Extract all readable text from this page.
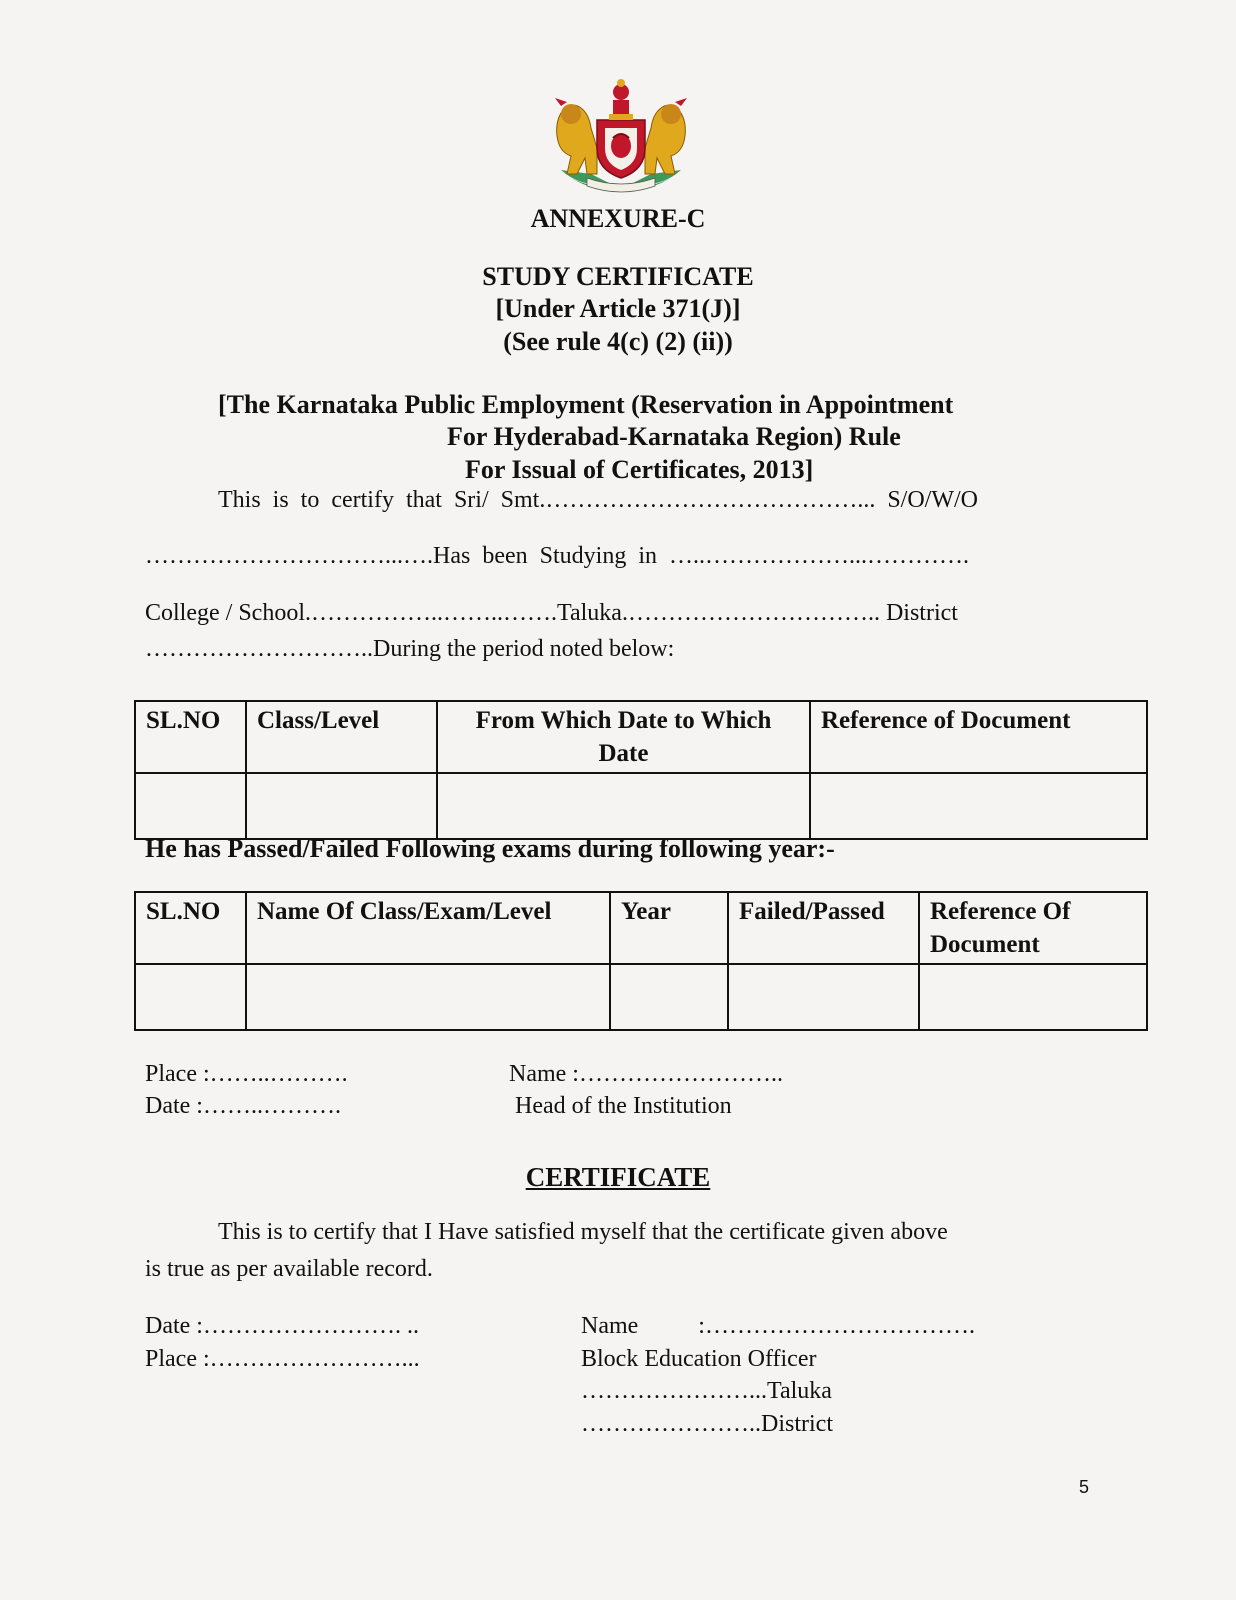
ANNEXURE-C
STUDY CERTIFICATE
[Under Article 371(J)]
(See rule 4(c) (2) (ii))
[The Karnataka Public Employment (Reservation in Appointment
For Hyderabad-Karnataka Region) Rule
For Issual of Certificates, 2013]
This is to certify that Sri/ Smt.…………………………………... S/O/W/O
…………………………...….Has been Studying in …..………………...………….
College / School.……………..……..…….Taluka.………………………….. District
………………………..During the period noted below:
SL.NO	Class/Level	From Which Date to Which Date	Reference of Document

He has Passed/Failed Following exams during following year:-
SL.NO	Name Of Class/Exam/Level	Year	Failed/Passed	Reference Of Document

Place :……..……….
Date :……..……….
Name :……………………..
Head of the Institution
CERTIFICATE
This is to certify that I Have satisfied myself that the certificate given above
is true as per available record.
Date :……………………. ..
Place :……………………...
Name          :…………………………….
Block Education Officer
…………………...Taluka
…………………..District
5
